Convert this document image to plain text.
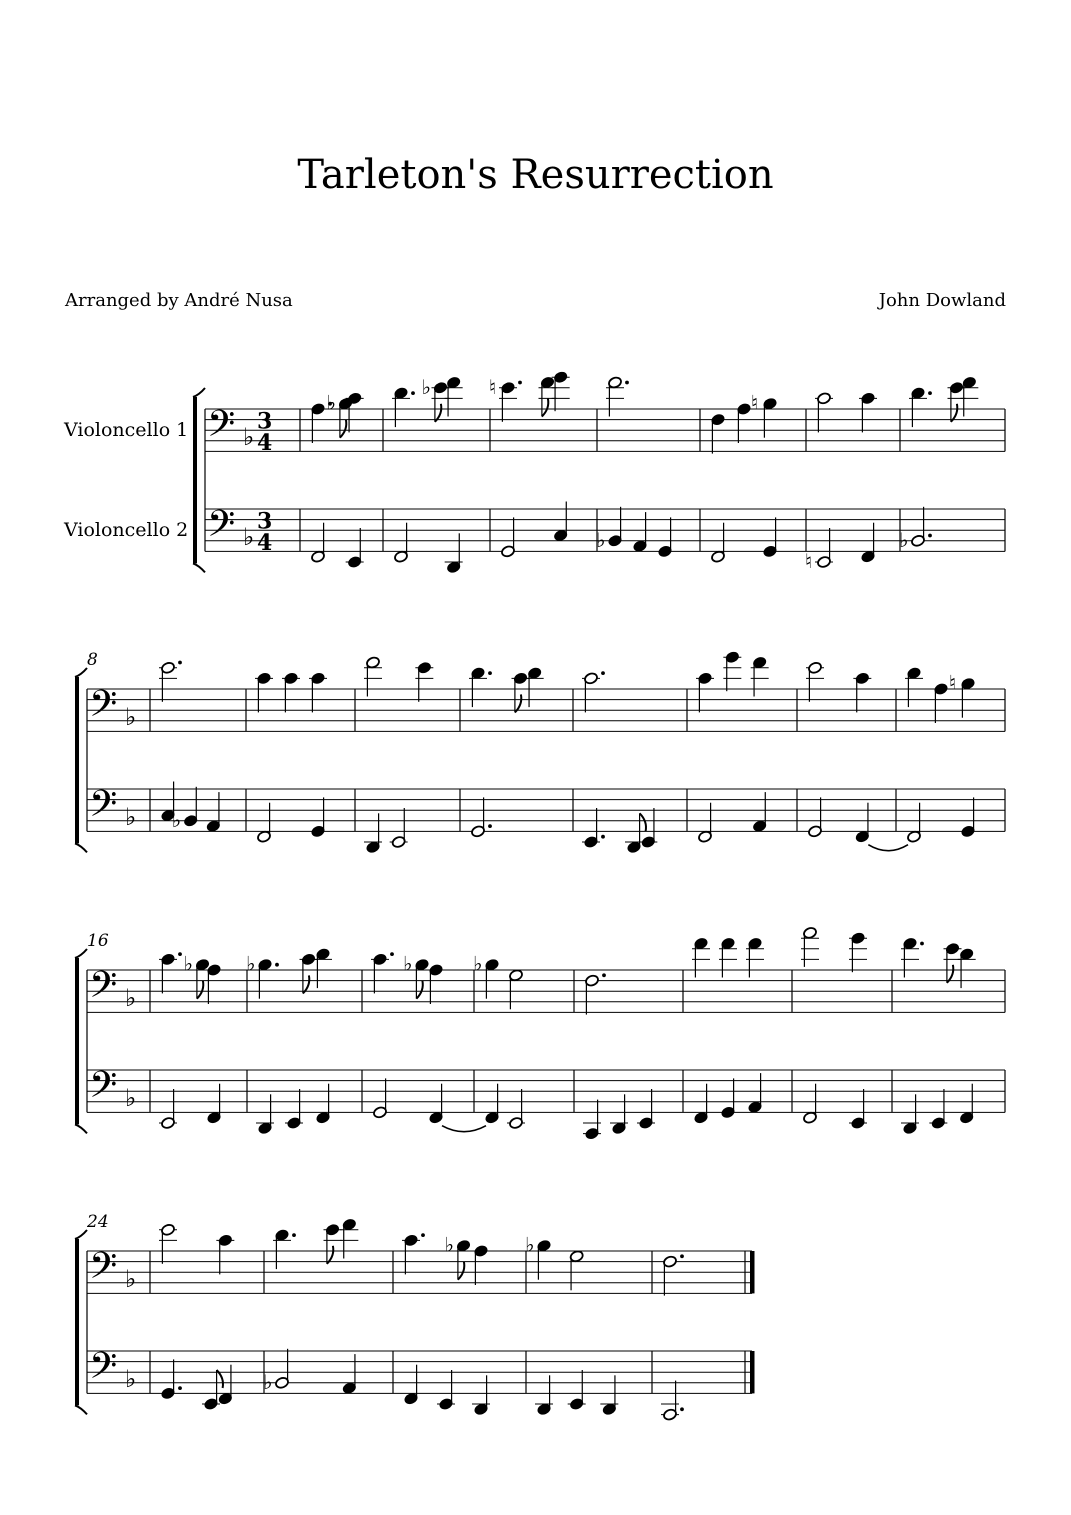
Tarleton's Resurrection
Arranged by André Nusa	John Dowland
Violoncello 1
Violoncello 2
𝄢 ♭
3
4
𝄢 ♭
3
4
♭
♭	♮
♭
♮
♮
♭
8
𝄢 ♭
𝄢 ♭ ♭
♮
16
𝄢 ♭
𝄢 ♭
♭	♭	♭	♭
24
𝄢 ♭
𝄢 ♭	♭
♭	♭
